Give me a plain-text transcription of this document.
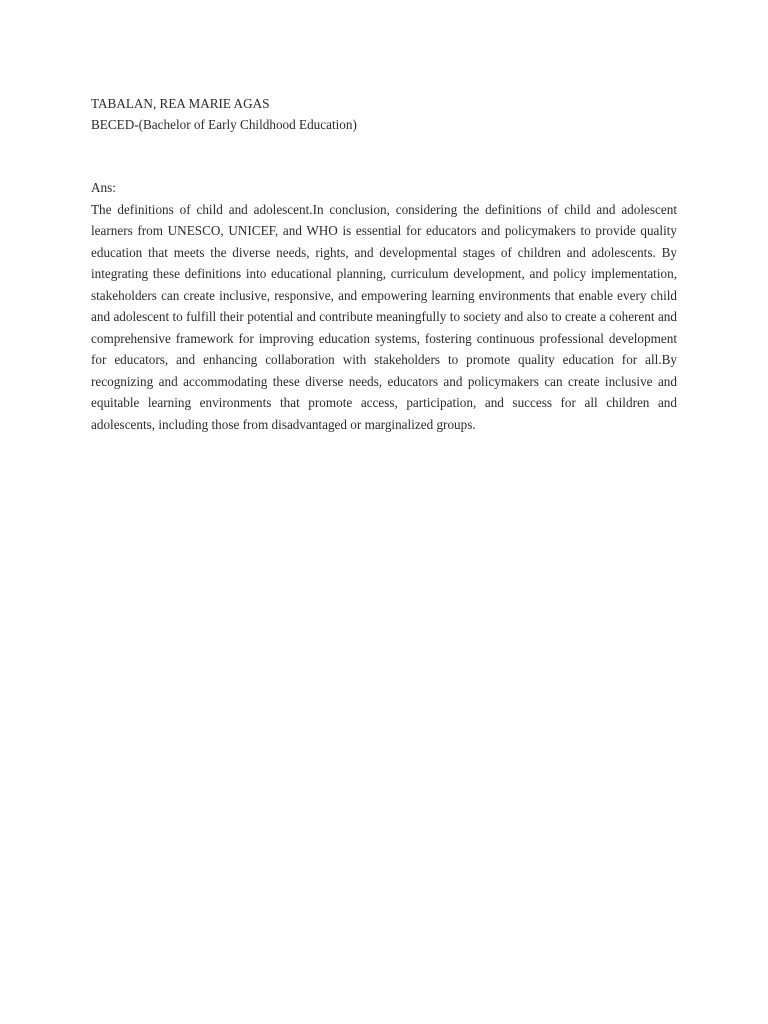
TABALAN, REA MARIE AGAS
BECED-(Bachelor of Early Childhood Education)
Ans:

The definitions of child and adolescent.In conclusion, considering the definitions of child and adolescent learners from UNESCO, UNICEF, and WHO is essential for educators and policymakers to provide quality education that meets the diverse needs, rights, and developmental stages of children and adolescents. By integrating these definitions into educational planning, curriculum development, and policy implementation, stakeholders can create inclusive, responsive, and empowering learning environments that enable every child and adolescent to fulfill their potential and contribute meaningfully to society and also to create a coherent and comprehensive framework for improving education systems, fostering continuous professional development for educators, and enhancing collaboration with stakeholders to promote quality education for all.By recognizing and accommodating these diverse needs, educators and policymakers can create inclusive and equitable learning environments that promote access, participation, and success for all children and adolescents, including those from disadvantaged or marginalized groups.
